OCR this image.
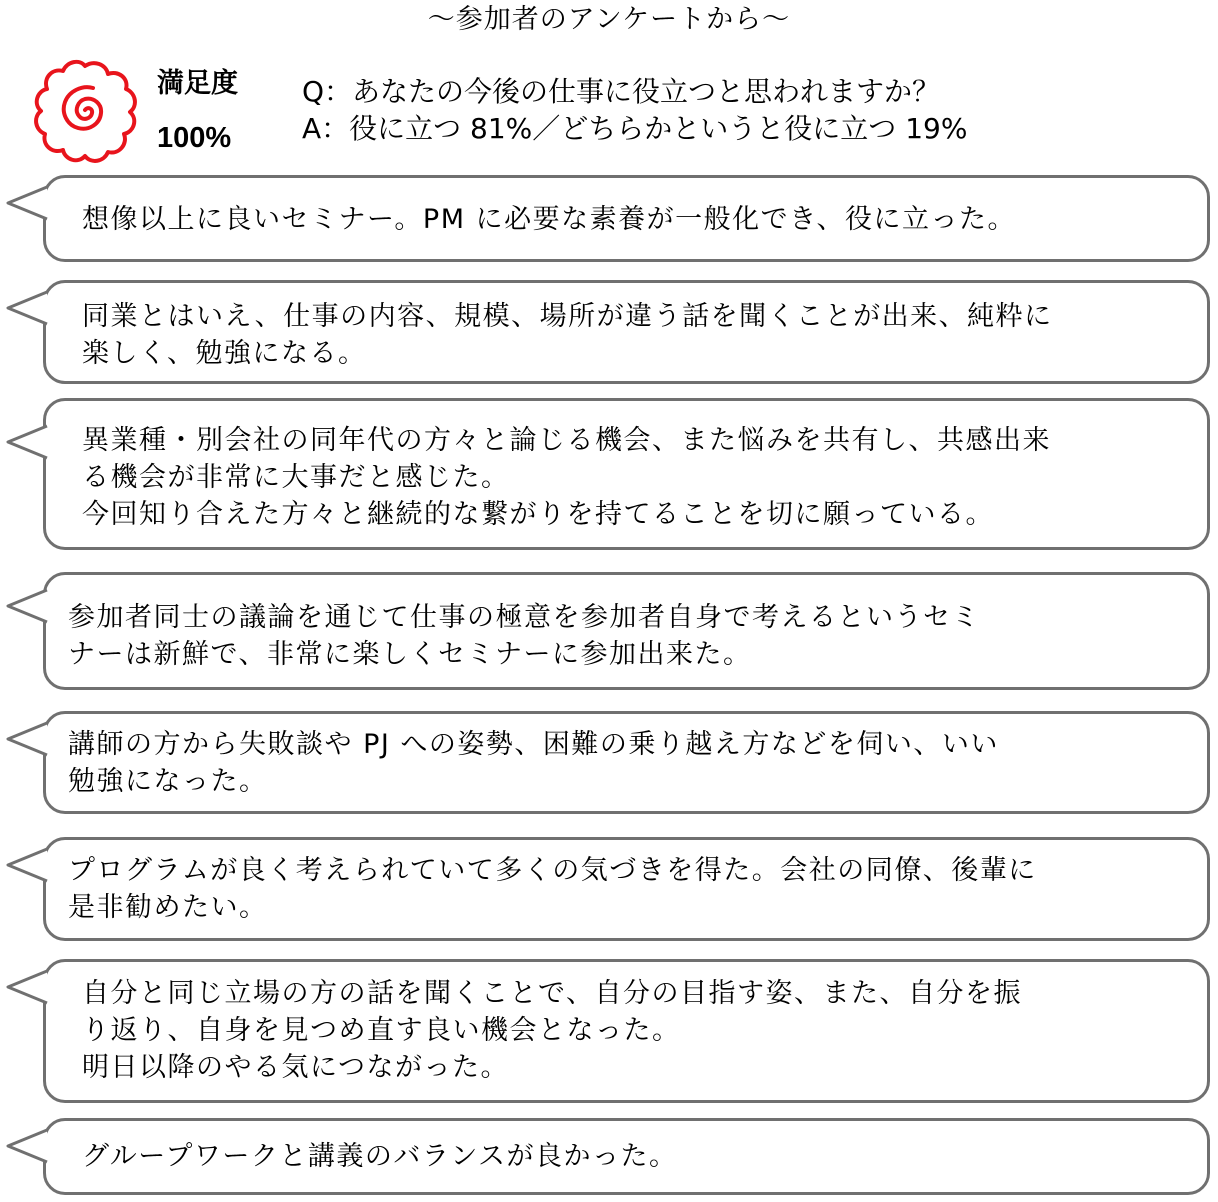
〜参加者のアンケートから〜
満足度
100%
Q：あなたの今後の仕事に役立つと思われますか？
A：役に立つ 81%／どちらかというと役に立つ 19%
想像以上に良いセミナー。PM に必要な素養が一般化でき、役に立った。
同業とはいえ、仕事の内容、規模、場所が違う話を聞くことが出来、純粋に
楽しく、勉強になる。
異業種・別会社の同年代の方々と論じる機会、また悩みを共有し、共感出来
る機会が非常に大事だと感じた。
今回知り合えた方々と継続的な繋がりを持てることを切に願っている。
参加者同士の議論を通じて仕事の極意を参加者自身で考えるというセミ
ナーは新鮮で、非常に楽しくセミナーに参加出来た。
講師の方から失敗談や PJ への姿勢、困難の乗り越え方などを伺い、いい
勉強になった。
プログラムが良く考えられていて多くの気づきを得た。会社の同僚、後輩に
是非勧めたい。
自分と同じ立場の方の話を聞くことで、自分の目指す姿、また、自分を振
り返り、自身を見つめ直す良い機会となった。
明日以降のやる気につながった。
グループワークと講義のバランスが良かった。
